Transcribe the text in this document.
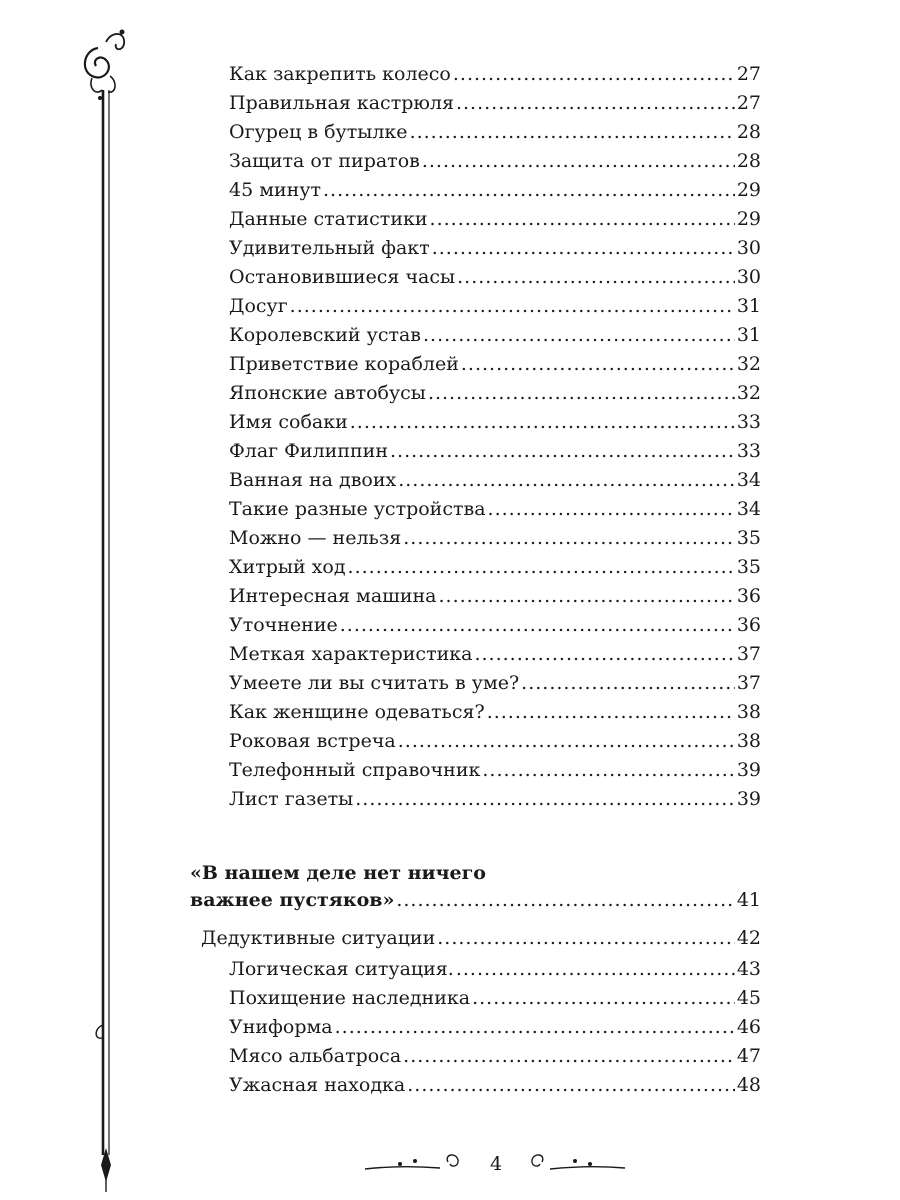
Как закрепить колесо .....	27
Правильная кастрюля .....	27
Огурец в бутылке .....	28
Защита от пиратов .....	28
45 минут .....	29
Данные статистики .....	29
Удивительный факт .....	30
Остановившиеся часы .....	30
Досуг .....	31
Королевский устав .....	31
Приветствие кораблей .....	32
Японские автобусы .....	32
Имя собаки .....	33
Флаг Филиппин .....	33
Ванная на двоих .....	34
Такие разные устройства .....	34
Можно — нельзя .....	35
Хитрый ход .....	35
Интересная машина .....	36
Уточнение .....	36
Меткая характеристика .....	37
Умеете ли вы считать в уме? .....	37
Как женщине одеваться? .....	38
Роковая встреча .....	38
Телефонный справочник .....	39
Лист газеты .....	39
«В нашем деле нет ничего
важнее пустяков» .....	41
Дедуктивные ситуации .....	42
Логическая ситуация. .....	43
Похищение наследника .....	45
Униформа .....	46
Мясо альбатроса .....	47
Ужасная находка .....	48
4
